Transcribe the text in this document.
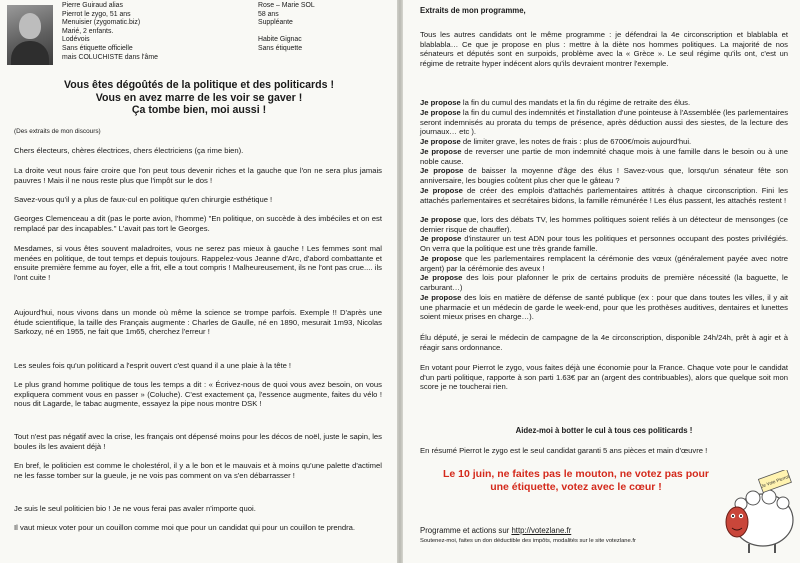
Pierre Guiraud alias
Pierrot le zygo, 51 ans
Menuisier (zygomatic.biz)
Marié, 2 enfants.
Lodévois
Sans étiquette officielle
mais COLUCHISTE dans l'âme
Rose – Marie SOL
58 ans
Suppléante

Habite Gignac
Sans étiquette
Vous êtes dégoûtés de la politique et des politicards !
Vous en avez marre de les voir se gaver !
Ça tombe bien, moi aussi !
(Des extraits de mon discours)
Chers électeurs, chères électrices, chers électriciens (ça rime bien).
La droite veut nous faire croire que l'on peut tous devenir riches et la gauche que l'on ne sera plus jamais pauvres ! Mais il ne nous reste plus que l'impôt sur le dos !
Savez-vous qu'il y a plus de faux-cul en politique qu'en chirurgie esthétique !
Georges Clemenceau a dit (pas le porte avion, l'homme) "En politique, on succède à des imbéciles et on est remplacé par des incapables." L'avait pas tort le Georges.
Mesdames, si vous êtes souvent maladroites, vous ne serez pas mieux à gauche ! Les femmes sont mal menées en politique, de tout temps et depuis toujours. Rappelez-vous Jeanne d'Arc, d'abord combattante et ensuite première femme au foyer, elle a frit, elle a tout compris ! Malheureusement, ils ne l'ont pas crue.... ils l'ont cuite !
Aujourd'hui, nous vivons dans un monde où même la science se trompe parfois. Exemple !! D'après une étude scientifique, la taille des Français augmente : Charles de Gaulle, né en 1890, mesurait 1m93, Nicolas Sarkozy, né en 1955, ne fait que 1m65, cherchez l'erreur !
Les seules fois qu'un politicard a l'esprit ouvert c'est quand il a une plaie à la tête !
Le plus grand homme politique de tous les temps a dit : « Écrivez-nous de quoi vous avez besoin, on vous expliquera comment vous en passer » (Coluche). C'est exactement ça, l'essence augmente, faites du vélo ! nous dit Lagarde, le tabac augmente, essayez la pipe nous montre DSK !
Tout n'est pas négatif avec la crise, les français ont dépensé moins pour les décos de noël, juste le sapin, les boules ils les avaient déjà !
En bref, le politicien est comme le cholestérol, il y a le bon et le mauvais et à moins qu'une palette d'actimel ne les fasse tomber sur la gueule, je ne vois pas comment on va s'en débarrasser !
Je suis le seul politicien bio ! Je ne vous ferai pas avaler n'importe quoi.
Il vaut mieux voter pour un couillon comme moi que pour un candidat qui pour un couillon te prendra.
Extraits de mon programme,
Tous les autres candidats ont le même programme : je défendrai la 4e circonscription et blablabla et blablabla… Ce que je propose en plus : mettre à la diète nos hommes politiques. La majorité de nos sénateurs et députés sont en surpoids, problème avec la « Grèce ». Le seul régime qu'ils ont, c'est un régime de retraite hyper indécent alors qu'ils devraient montrer l'exemple.
Je propose la fin du cumul des mandats et la fin du régime de retraite des élus.
Je propose la fin du cumul des indemnités et l'installation d'une pointeuse à l'Assemblée (les parlementaires seront indemnisés au prorata du temps de présence, après déduction aussi des siestes, de la lecture des journaux… etc ).
Je propose de limiter grave, les notes de frais : plus de 6700€/mois aujourd'hui.
Je propose de reverser une partie de mon indemnité chaque mois à une famille dans le besoin ou à une noble cause.
Je propose de baisser la moyenne d'âge des élus ! Savez-vous que, lorsqu'un sénateur fête son anniversaire, les bougies coûtent plus cher que le gâteau ?
Je propose de créer des emplois d'attachés parlementaires attitrés à chaque circonscription. Fini les attachés parlementaires et secrétaires bidons, la famille rémunérée ! Les élus passent, les attachés restent !
Je propose que, lors des débats TV, les hommes politiques soient reliés à un détecteur de mensonges (ce dernier risque de chauffer).
Je propose d'instaurer un test ADN pour tous les politiques et personnes occupant des postes privilégiés. On verra que la politique est une très grande famille.
Je propose que les parlementaires remplacent la cérémonie des vœux (généralement payée avec notre argent) par la cérémonie des aveux !
Je propose des lois pour plafonner le prix de certains produits de première nécessité (la baguette, le carburant…)
Je propose des lois en matière de défense de santé publique (ex : pour que dans toutes les villes, il y ait une pharmacie et un médecin de garde le week-end, pour que les prothèses auditives, dentaires et lunettes soient mieux prises en charge…).
Élu député, je serai le médecin de campagne de la 4e circonscription, disponible 24h/24h, prêt à agir et à réagir sans ordonnance.
En votant pour Pierrot le zygo, vous faites déjà une économie pour la France. Chaque vote pour le candidat d'un parti politique, rapporte à son parti 1.63€ par an (argent des contribuables), alors que quelque soit mon score je ne toucherai rien.
Aidez-moi à botter le cul à tous ces politicards !
En résumé Pierrot le zygo est le seul candidat garanti 5 ans pièces et main d'œuvre !
Le 10 juin, ne faites pas le mouton, ne votez pas pour une étiquette, votez avec le cœur !	Je Vote Pierrot
Programme et actions sur http://votezlane.fr
Soutenez-moi, faites un don déductible des impôts, modalités sur le site votezlane.fr
